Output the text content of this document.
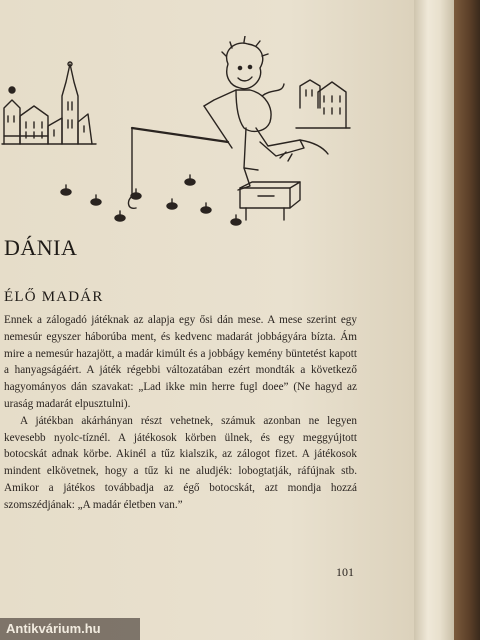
DÁNIA
ÉLŐ MADÁR

Ennek a zálogadó játéknak az alapja egy ősi dán mese. A mese szerint egy nemesúr egyszer háborúba ment, és kedvenc madarát jobbágyára bízta. Ám mire a nemesúr hazajött, a madár kimúlt és a jobbágy kemény büntetést kapott a hanyagságáért. A játék régebbi változatában ezért mondták a következő hagyományos dán szavakat: „Lad ikke min herre fugl doee” (Ne hagyd az uraság madarát elpusztulni).

A játékban akárhányan részt vehetnek, számuk azonban ne legyen kevesebb nyolc-tíznél. A játékosok körben ülnek, és egy meggyújtott botocskát adnak körbe. Akinél a tűz kialszik, az zálogot fizet. A játékosok mindent elkövetnek, hogy a tűz ki ne aludjék: lobogtatják, ráfújnak stb. Amikor a játékos továbbadja az égő botocskát, azt mondja hozzá szomszédjának: „A madár életben van.”

101
Antikvárium.hu
